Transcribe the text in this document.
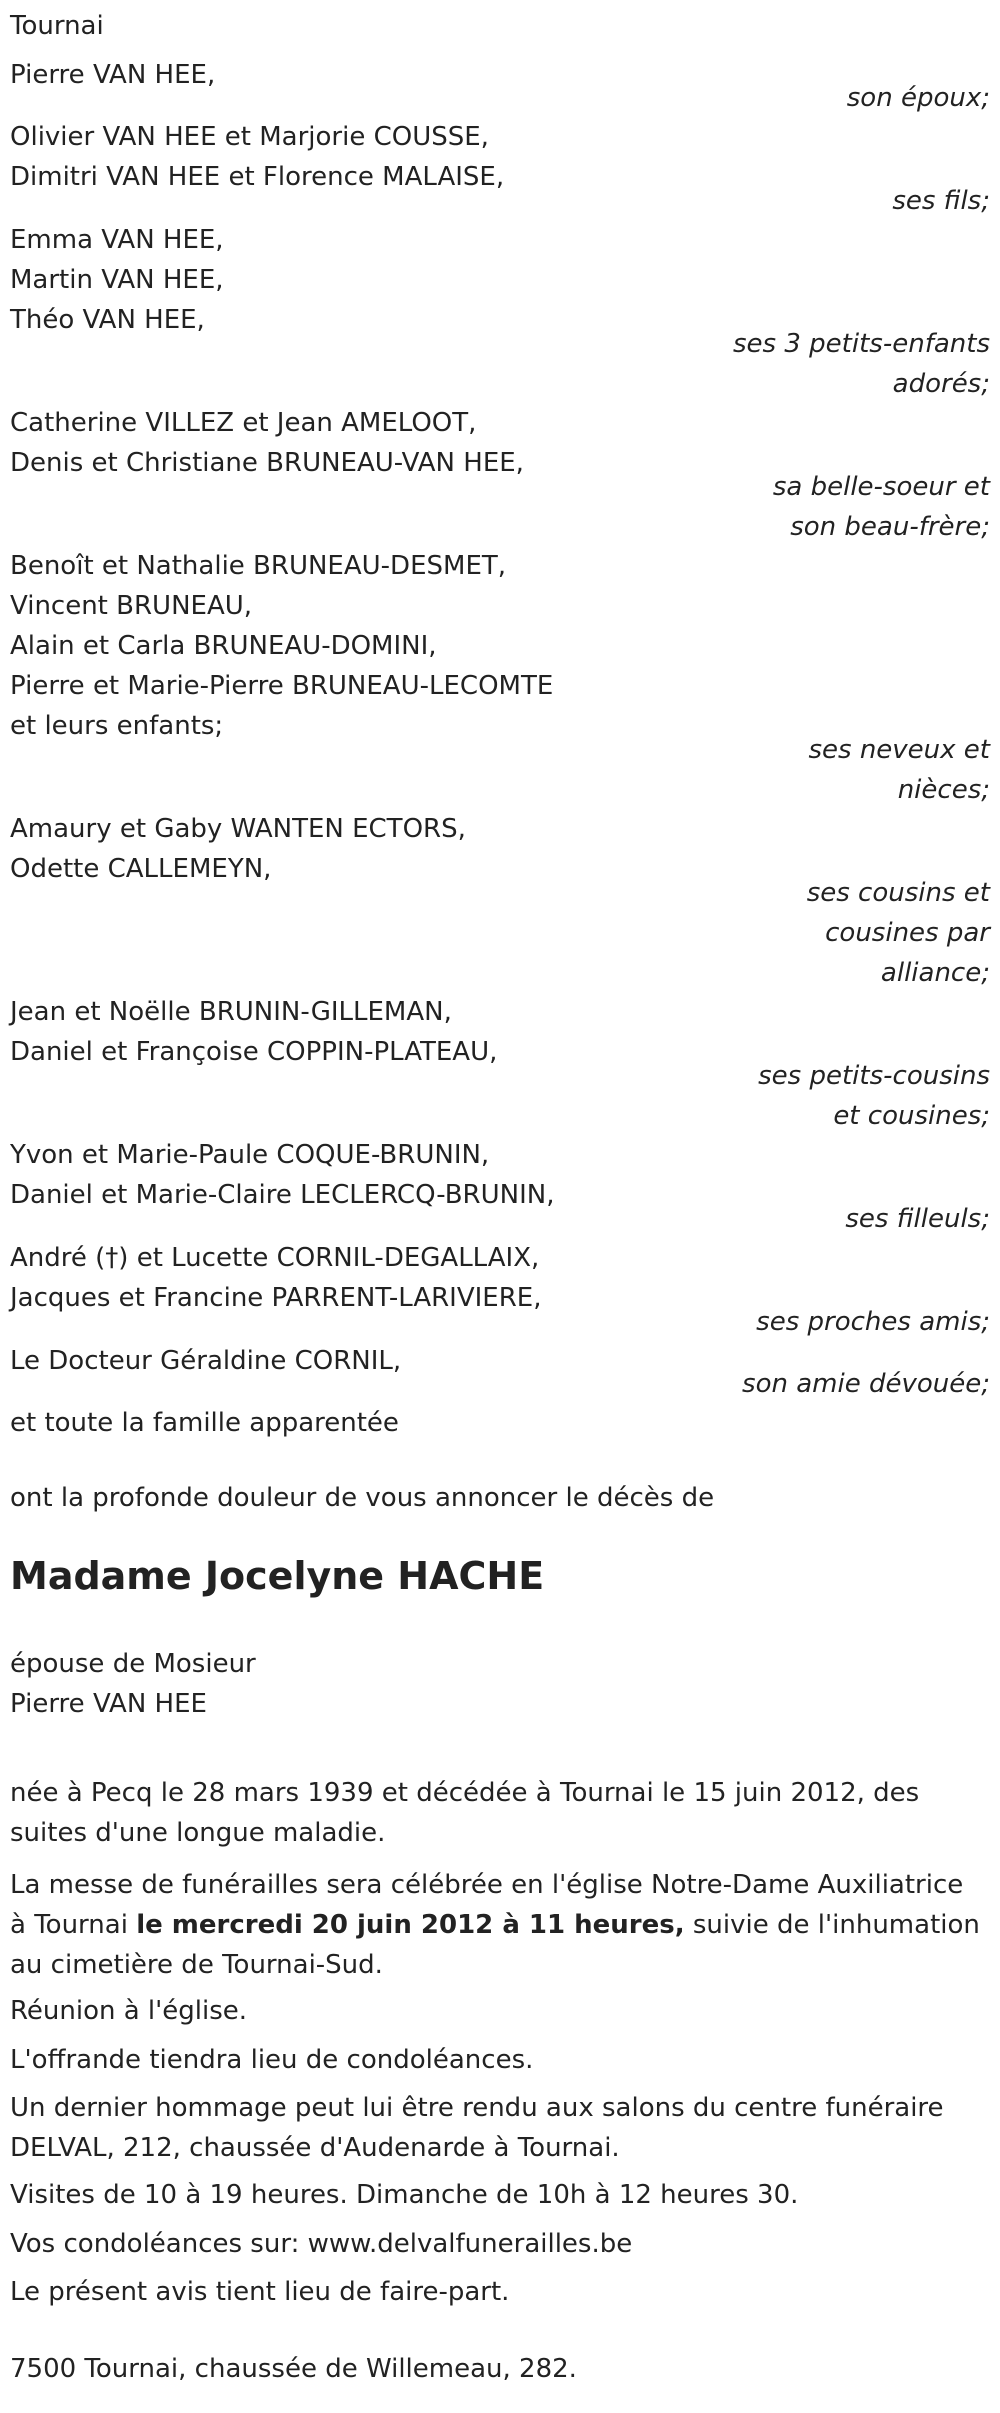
Tournai
Pierre VAN HEE,
son époux;
Olivier VAN HEE et Marjorie COUSSE,
Dimitri VAN HEE et Florence MALAISE,
ses fils;
Emma VAN HEE,
Martin VAN HEE,
Théo VAN HEE,
ses 3 petits-enfants
adorés;
Catherine VILLEZ et Jean AMELOOT,
Denis et Christiane BRUNEAU-VAN HEE,
sa belle-soeur et
son beau-frère;
Benoît et Nathalie BRUNEAU-DESMET,
Vincent BRUNEAU,
Alain et Carla BRUNEAU-DOMINI,
Pierre et Marie-Pierre BRUNEAU-LECOMTE
et leurs enfants;
ses neveux et
nièces;
Amaury et Gaby WANTEN ECTORS,
Odette CALLEMEYN,
ses cousins et
cousines par
alliance;
Jean et Noëlle BRUNIN-GILLEMAN,
Daniel et Françoise COPPIN-PLATEAU,
ses petits-cousins
et cousines;
Yvon et Marie-Paule COQUE-BRUNIN,
Daniel et Marie-Claire LECLERCQ-BRUNIN,
ses filleuls;
André (†) et Lucette CORNIL-DEGALLAIX,
Jacques et Francine PARRENT-LARIVIERE,
ses proches amis;
Le Docteur Géraldine CORNIL,
son amie dévouée;
et toute la famille apparentée
ont la profonde douleur de vous annoncer le décès de
Madame Jocelyne HACHE
épouse de Mosieur
Pierre VAN HEE
née à Pecq le 28 mars 1939 et décédée à Tournai le 15 juin 2012, des suites d'une longue maladie.
La messe de funérailles sera célébrée en l'église Notre-Dame Auxiliatrice à Tournai le mercredi 20 juin 2012 à 11 heures, suivie de l'inhumation au cimetière de Tournai-Sud.
Réunion à l'église.
L'offrande tiendra lieu de condoléances.
Un dernier hommage peut lui être rendu aux salons du centre funéraire DELVAL, 212, chaussée d'Audenarde à Tournai.
Visites de 10 à 19 heures. Dimanche de 10h à 12 heures 30.
Vos condoléances sur: www.delvalfunerailles.be
Le présent avis tient lieu de faire-part.
7500 Tournai, chaussée de Willemeau, 282.
